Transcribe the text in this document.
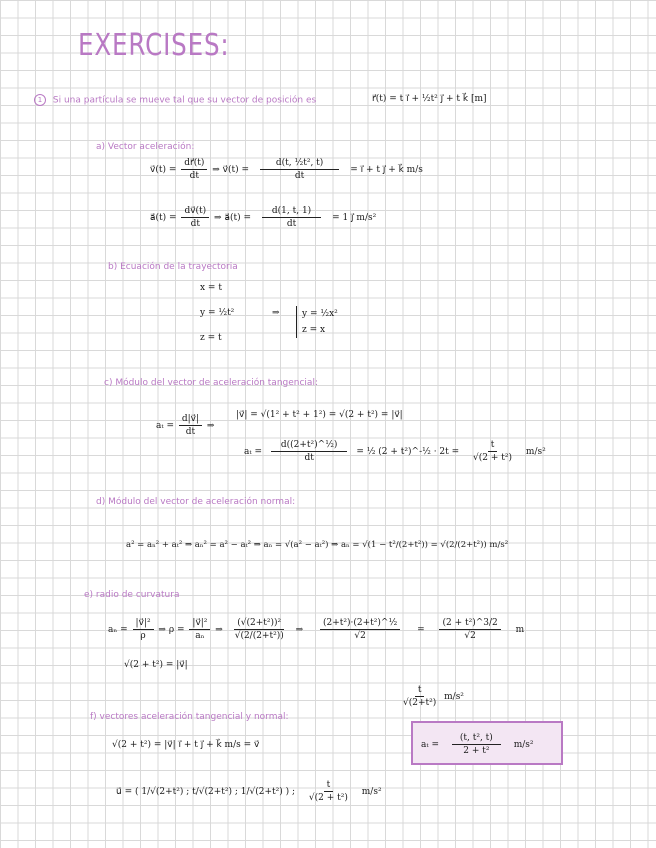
EXERCISES:
1 Si una partícula se mueve tal que su vector de posición es	r⃗(t) = t i⃗ + ½t² j⃗ + t k⃗ [m]
a) Vector aceleración:
v⃗(t) = $\frac{dr⃗(t)}{dt}$ ⇒ v⃗(t) = $\frac{\text{d(t, ½t², t)}}{dt}$ = i⃗ + t j⃗ + k⃗ m/s
a⃗(t) = $\frac{dv⃗(t)}{dt}$ ⇒ a⃗(t) = $\frac{d(1, t, 1)}{dt} = 1$ j⃗ m/s²
b) Ecuación de la trayectoria
x = t
y = ½t²
z = t
⇒ y = ½x²
z = x
c) Módulo del vector de aceleración tangencial:
$a_t = \frac{d|v⃗|}{dt}$ ⇒
|v⃗| = √(1² + t² + 1²) = √(2 + t²) = |v⃗|
$a_t = \frac{\text{d((2+t²)\textasciicircum{}½)}}{dt}$ = ½ (2 + t²)^-½ · $2t = \frac{t}{\text{√(2 + t²)}} m/s^2$
d) Módulo del vector de aceleración normal:
a² = aₙ² + aₜ² ⇒ aₙ² = a² − aₜ² ⇒ aₙ = √(a² − aₜ²) ⇒ aₙ = √(1 − t²/(2+t²)) = √(2/(2+t²)) m/s²
e) radio de curvatura
$a_n = \frac{\text{|v⃗|²}}{\rho}$ ⇒ $\rho = \frac{\text{|v⃗|²}}{\text{aₙ}}$ ⇒ $\frac{\text{(√(2+t²))²}}{\text{√(2/(2+t²))}}$ ⇒ $\frac{\text{(2+t²)·(2+t²)\textasciicircum{}½}}{√2} = \frac{\text{(2 + t²)\textasciicircum{}3/2}}{√2}$ m
√(2 + t²) = |v⃗|
$\frac{t}{\text{√(2+t²)}} m/s^2$
f) vectores aceleración tangencial y normal:
√(2 + t²) = |v⃗| i⃗ + t j⃗ + k⃗ m/s = v⃗
u⃗ = ( 1/√(2+t²) ; t/√(2+t²) ; 1/√(2+t²) ) ; $\frac{t}{\text{√(2 + t²)}} m/s^2$
$a_t = \frac{\text{(t, t², t)}}{\text{2 + t²}} m/s^2$
